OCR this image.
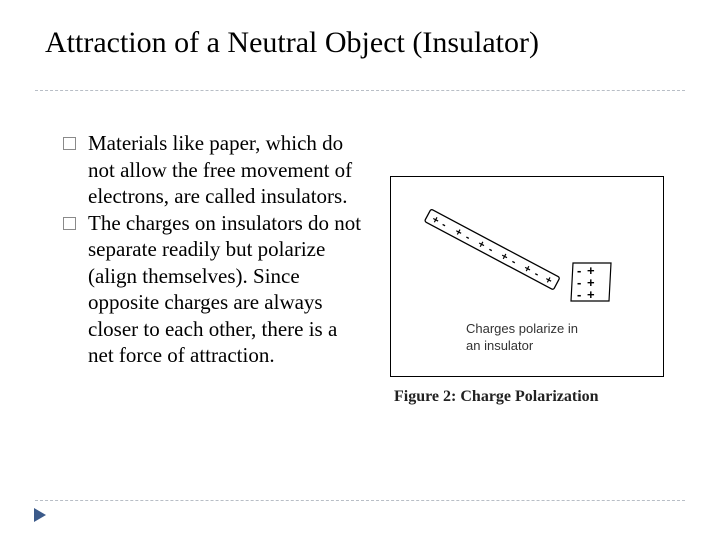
Attraction of a Neutral Object (Insulator)
Materials like paper, which do not allow the free movement of electrons, are called insulators.
The charges on insulators do not separate readily but polarize (align themselves). Since opposite charges are always closer to each other, there is a net force of attraction.
+
-
+ -
+ -
+ -
+ - +
- +
- +
- +
Charges polarize in
an insulator
Figure 2: Charge Polarization
